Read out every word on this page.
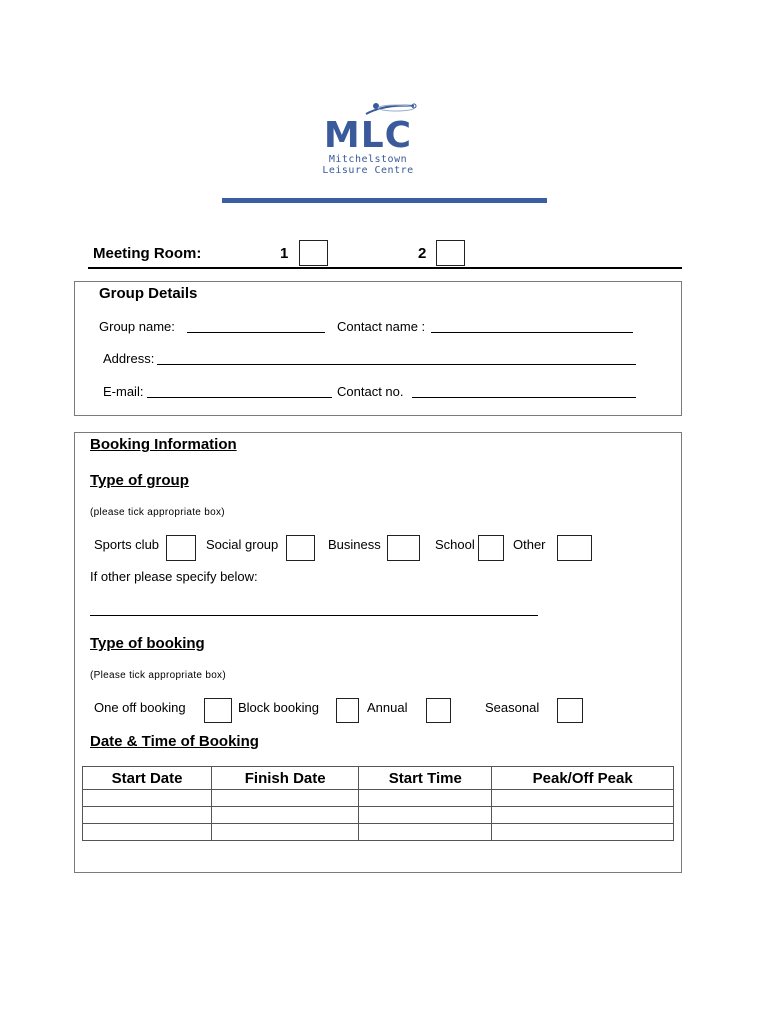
MLC
Mitchelstown
Leisure Centre
Meeting Room:	1	2
Group Details
Group name:	Contact name :
Address:
E-mail:	Contact no.
Booking Information
Type of group
(please tick appropriate box)
Sports club	Social group	Business	School	Other
If other please specify below:
Type of booking
(Please tick appropriate box)
One off booking	Block booking	Annual	Seasonal
Date & Time of Booking
Start Date	Finish Date	Start Time	Peak/Off Peak
